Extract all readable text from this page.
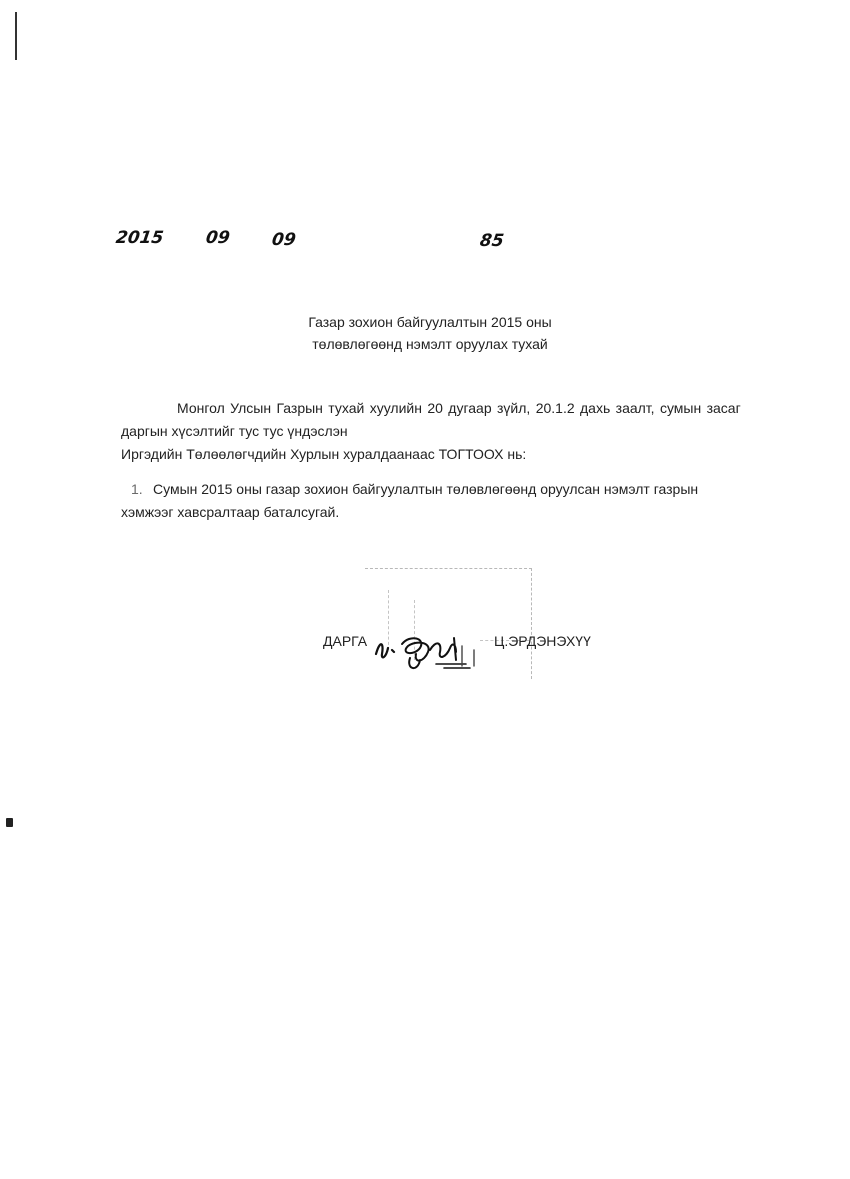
2015 09 09	85
Газар зохион байгуулалтын 2015 оны
төлөвлөгөөнд нэмэлт оруулах тухай
Монгол Улсын Газрын тухай хуулийн 20 дугаар зүйл, 20.1.2 дахь заалт, сумын засаг
даргын хүсэлтийг тус тус үндэслэн
Иргэдийн Төлөөлөгчдийн Хурлын хуралдаанаас ТОГТООХ нь:
1. Сумын 2015 оны газар зохион байгуулалтын төлөвлөгөөнд оруулсан нэмэлт газрын
хэмжээг хавсралтаар баталсугай.
ДАРГА	Ц.ЭРДЭНЭХҮҮ
